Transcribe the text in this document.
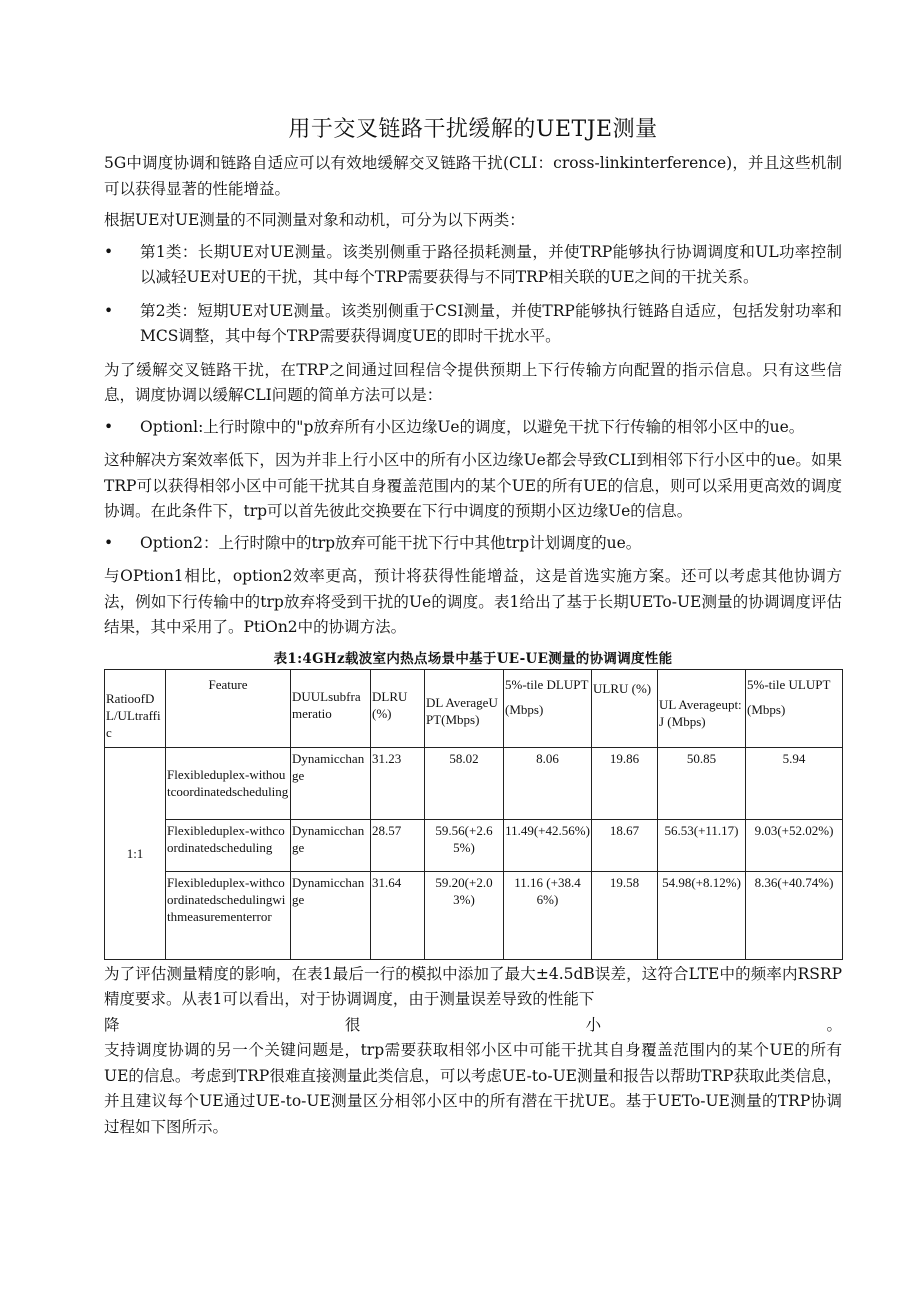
用于交叉链路干扰缓解的UETJE测量

5G中调度协调和链路自适应可以有效地缓解交叉链路干扰(CLI：cross-linkinterference)，并且这些机制可以获得显著的性能增益。

根据UE对UE测量的不同测量对象和动机，可分为以下两类：

• 第1类：长期UE对UE测量。该类别侧重于路径损耗测量，并使TRP能够执行协调调度和UL功率控制以减轻UE对UE的干扰，其中每个TRP需要获得与不同TRP相关联的UE之间的干扰关系。
• 第2类：短期UE对UE测量。该类别侧重于CSI测量，并使TRP能够执行链路自适应，包括发射功率和MCS调整，其中每个TRP需要获得调度UE的即时干扰水平。

为了缓解交叉链路干扰，在TRP之间通过回程信令提供预期上下行传输方向配置的指示信息。只有这些信息，调度协调以缓解CLI问题的简单方法可以是：

• Optionl:上行时隙中的"p放弃所有小区边缘Ue的调度，以避免干扰下行传输的相邻小区中的ue。

这种解决方案效率低下，因为并非上行小区中的所有小区边缘Ue都会导致CLI到相邻下行小区中的ue。如果TRP可以获得相邻小区中可能干扰其自身覆盖范围内的某个UE的所有UE的信息，则可以采用更高效的调度协调。在此条件下，trp可以首先彼此交换要在下行中调度的预期小区边缘Ue的信息。

• Option2：上行时隙中的trp放弃可能干扰下行中其他trp计划调度的ue。

与OPtion1相比，option2效率更高，预计将获得性能增益，这是首选实施方案。还可以考虑其他协调方法，例如下行传输中的trp放弃将受到干扰的Ue的调度。表1给出了基于长期UETo-UE测量的协调调度评估结果，其中采用了。PtiOn2中的协调方法。

表1:4GHz载波室内热点场景中基于UE-UE测量的协调调度性能
RatioofDL/ULtraffic	Feature	DUULsubframeratio	DLRU(%)	DL AverageUPT(Mbps)	5%-tile DLUPT (Mbps)	ULRU (%)	UL Averageupt:J (Mbps)	5%-tile ULUPT (Mbps)
1:1	Flexibleduplex-withoutcoordinatedscheduling	Dynamicchange	31.23	58.02	8.06	19.86	50.85	5.94
	Flexibleduplex-withcoordinatedscheduling	Dynamicchange	28.57	59.56(+2.65%)	11.49(+42.56%)	18.67	56.53(+11.17)	9.03(+52.02%)
	Flexibleduplex-withcoordinatedschedulingwithmeasurementerror	Dynamicchange	31.64	59.20(+2.03%)	11.16 (+38.46%)	19.58	54.98(+8.12%)	8.36(+40.74%)

为了评估测量精度的影响，在表1最后一行的模拟中添加了最大±4.5dB误差，这符合LTE中的频率内RSRP精度要求。从表1可以看出，对于协调调度，由于测量误差导致的性能下

降	很	小	。

支持调度协调的另一个关键问题是，trp需要获取相邻小区中可能干扰其自身覆盖范围内的某个UE的所有UE的信息。考虑到TRP很难直接测量此类信息，可以考虑UE-to-UE测量和报告以帮助TRP获取此类信息，并且建议每个UE通过UE-to-UE测量区分相邻小区中的所有潜在干扰UE。基于UETo-UE测量的TRP协调过程如下图所示。
